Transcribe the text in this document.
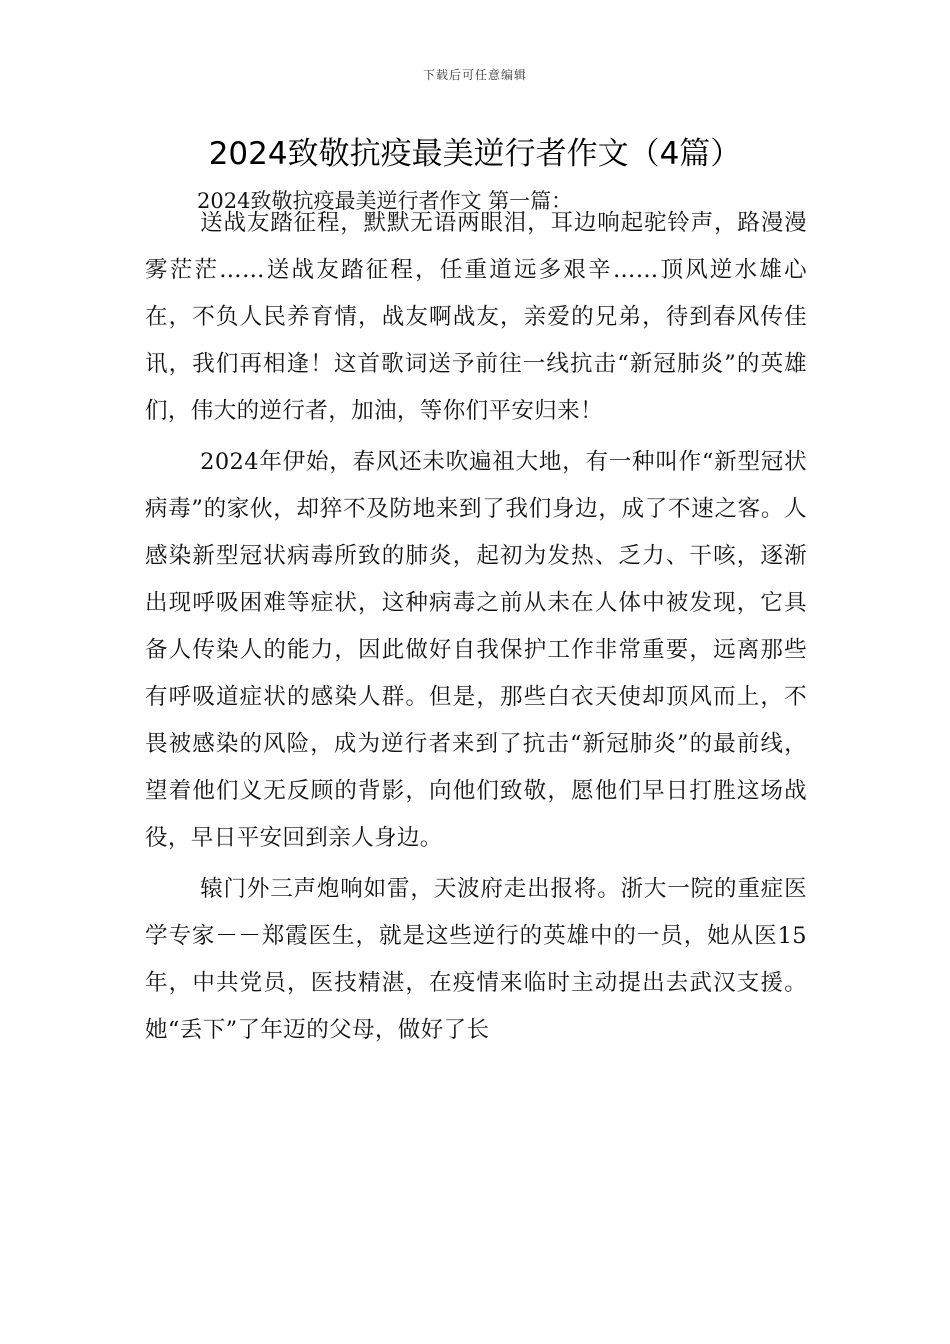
下载后可任意编辑
2024致敬抗疫最美逆行者作文（4篇）
2024致敬抗疫最美逆行者作文 第一篇：

送战友踏征程，默默无语两眼泪，耳边响起驼铃声，路漫漫雾茫茫……送战友踏征程，任重道远多艰辛……顶风逆水雄心在，不负人民养育情，战友啊战友，亲爱的兄弟，待到春风传佳讯，我们再相逢！这首歌词送予前往一线抗击“新冠肺炎”的英雄们，伟大的逆行者，加油，等你们平安归来！

2024年伊始，春风还未吹遍祖大地，有一种叫作“新型冠状病毒”的家伙，却猝不及防地来到了我们身边，成了不速之客。人感染新型冠状病毒所致的肺炎，起初为发热、乏力、干咳，逐渐出现呼吸困难等症状，这种病毒之前从未在人体中被发现，它具备人传染人的能力，因此做好自我保护工作非常重要，远离那些有呼吸道症状的感染人群。但是，那些白衣天使却顶风而上，不畏被感染的风险，成为逆行者来到了抗击“新冠肺炎”的最前线，望着他们义无反顾的背影，向他们致敬，愿他们早日打胜这场战役，早日平安回到亲人身边。

辕门外三声炮响如雷，天波府走出报将。浙大一院的重症医学专家－－郑霞医生，就是这些逆行的英雄中的一员，她从医15年，中共党员，医技精湛，在疫情来临时主动提出去武汉支援。她“丢下”了年迈的父母，做好了长
